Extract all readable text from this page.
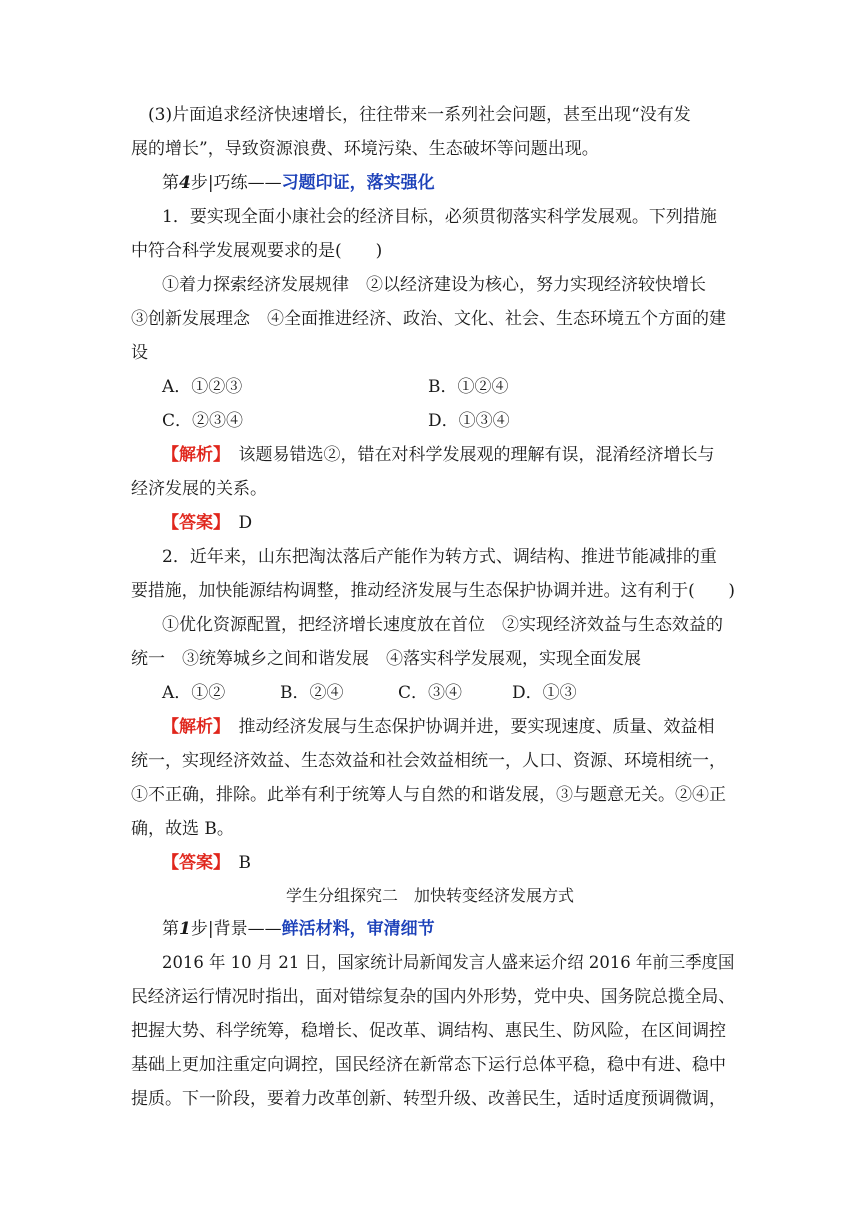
(3)片面追求经济快速增长，往往带来一系列社会问题，甚至出现“没有发

展的增长”，导致资源浪费、环境污染、生态破坏等问题出现。

第4步|巧练——习题印证，落实强化

1．要实现全面小康社会的经济目标，必须贯彻落实科学发展观。下列措施

中符合科学发展观要求的是(　　)

①着力探索经济发展规律　②以经济建设为核心，努力实现经济较快增长

③创新发展理念　④全面推进经济、政治、文化、社会、生态环境五个方面的建

设

A．①②③	B．①②④
C．②③④	D．①③④

【解析】　 该题易错选②，错在对科学发展观的理解有误，混淆经济增长与

经济发展的关系。

【答案】　 D

2．近年来，山东把淘汰落后产能作为转方式、调结构、推进节能减排的重

要措施，加快能源结构调整，推动经济发展与生态保护协调并进。这有利于(　　)

①优化资源配置，把经济增长速度放在首位　②实现经济效益与生态效益的

统一　③统筹城乡之间和谐发展　④落实科学发展观，实现全面发展

A．①②	B．②④	C．③④	D．①③

【解析】　 推动经济发展与生态保护协调并进，要实现速度、质量、效益相

统一，实现经济效益、生态效益和社会效益相统一，人口、资源、环境相统一，

①不正确，排除。此举有利于统筹人与自然的和谐发展，③与题意无关。②④正

确，故选 B。

【答案】　 B

学生分组探究二　加快转变经济发展方式

第1步|背景——鲜活材料，审清细节

2016 年 10 月 21 日，国家统计局新闻发言人盛来运介绍 2016 年前三季度国

民经济运行情况时指出，面对错综复杂的国内外形势，党中央、国务院总揽全局、

把握大势、科学统筹，稳增长、促改革、调结构、惠民生、防风险，在区间调控

基础上更加注重定向调控，国民经济在新常态下运行总体平稳，稳中有进、稳中

提质。下一阶段，要着力改革创新、转型升级、改善民生，适时适度预调微调，
